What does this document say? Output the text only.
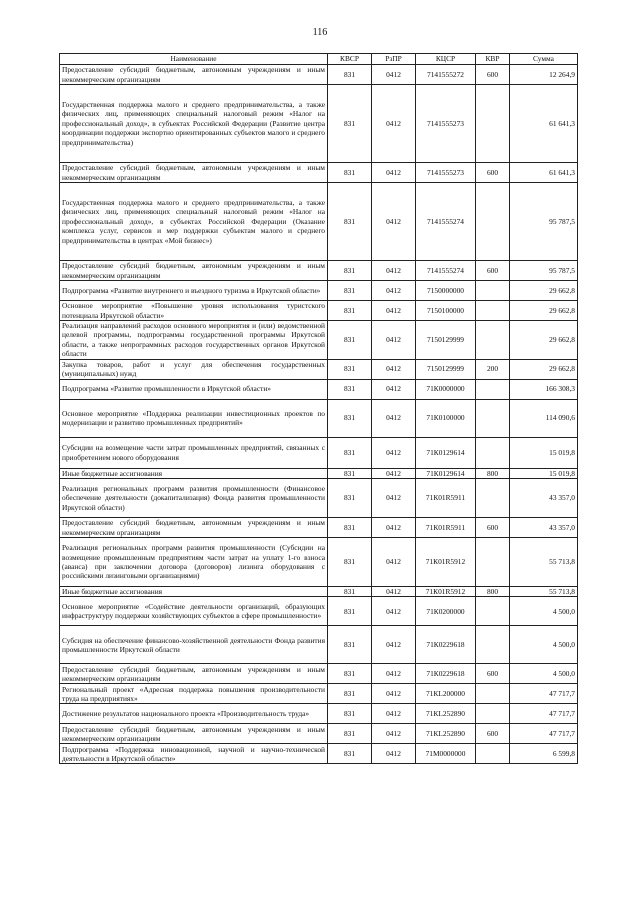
116
Наименование	КВСР	РзПР	КЦСР	КВР	Сумма
Предоставление субсидий бюджетным, автономным учреждениям и иным некоммерческим организациям	831	0412	7141555272	600	12 264,9
Государственная поддержка малого и среднего предпринимательства, а также физических лиц, применяющих специальный налоговый режим «Налог на профессиональный доход», в субъектах Российской Федерации (Развитие центра координации поддержки экспортно ориентированных субъектов малого и среднего предпринимательства)	831	0412	7141555273		61 641,3
Предоставление субсидий бюджетным, автономным учреждениям и иным некоммерческим организациям	831	0412	7141555273	600	61 641,3
Государственная поддержка малого и среднего предпринимательства, а также физических лиц, применяющих специальный налоговый режим «Налог на профессиональный доход», в субъектах Российской Федерации (Оказание комплекса услуг, сервисов и мер поддержки субъектам малого и среднего предпринимательства в центрах «Мой бизнес»)	831	0412	7141555274		95 787,5
Предоставление субсидий бюджетным, автономным учреждениям и иным некоммерческим организациям	831	0412	7141555274	600	95 787,5
Подпрограмма «Развитие внутреннего и въездного туризма в Иркутской области»	831	0412	7150000000		29 662,8
Основное мероприятие «Повышение уровня использования туристского потенциала Иркутской области»	831	0412	7150100000		29 662,8
Реализация направлений расходов основного мероприятия и (или) ведомственной целевой программы, подпрограммы государственной программы Иркутской области, а также непрограммных расходов государственных органов Иркутской области	831	0412	7150129999		29 662,8
Закупка товаров, работ и услуг для обеспечения государственных (муниципальных) нужд	831	0412	7150129999	200	29 662,8
Подпрограмма «Развитие промышленности в Иркутской области»	831	0412	71К0000000		166 308,3
Основное мероприятие «Поддержка реализации инвестиционных проектов по модернизации и развитию промышленных предприятий»	831	0412	71К0100000		114 090,6
Субсидии на возмещение части затрат промышленных предприятий, связанных с приобретением нового оборудования	831	0412	71К0129614		15 019,8
Иные бюджетные ассигнования	831	0412	71К0129614	800	15 019,8
Реализация региональных программ развития промышленности (Финансовое обеспечение деятельности (докапитализация) Фонда развития промышленности Иркутской области)	831	0412	71К01R5911		43 357,0
Предоставление субсидий бюджетным, автономным учреждениям и иным некоммерческим организациям	831	0412	71К01R5911	600	43 357,0
Реализация региональных программ развития промышленности (Субсидии на возмещение промышленным предприятиям части затрат на уплату 1-го взноса (аванса) при заключении договора (договоров) лизинга оборудования с российскими лизинговыми организациями)	831	0412	71К01R5912		55 713,8
Иные бюджетные ассигнования	831	0412	71К01R5912	800	55 713,8
Основное мероприятие «Содействие деятельности организаций, образующих инфраструктуру поддержки хозяйствующих субъектов в сфере промышленности»	831	0412	71К0200000		4 500,0
Субсидия на обеспечение финансово-хозяйственной деятельности Фонда развития промышленности Иркутской области	831	0412	71К0229618		4 500,0
Предоставление субсидий бюджетным, автономным учреждениям и иным некоммерческим организациям	831	0412	71К0229618	600	4 500,0
Региональный проект «Адресная поддержка повышения производительности труда на предприятиях»	831	0412	71КL200000		47 717,7
Достижение результатов национального проекта «Производительность труда»	831	0412	71КL252890		47 717,7
Предоставление субсидий бюджетным, автономным учреждениям и иным некоммерческим организациям	831	0412	71КL252890	600	47 717,7
Подпрограмма «Поддержка инновационной, научной и научно-технической деятельности в Иркутской области»	831	0412	71М0000000		6 599,8
